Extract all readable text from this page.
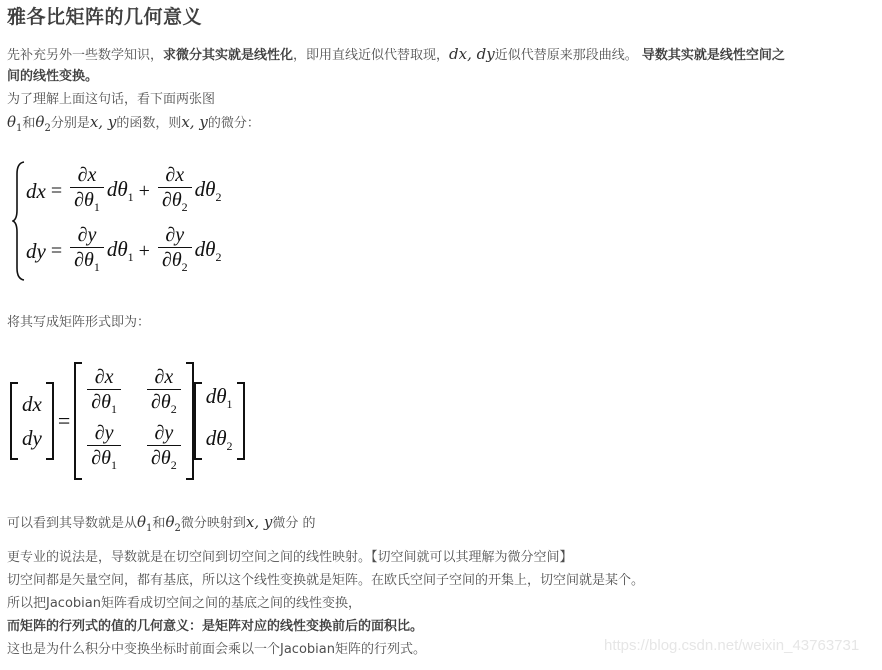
雅各比矩阵的几何意义
先补充另外一些数学知识，求微分其实就是线性化，即用直线近似代替取现，dx, dy近似代替原来那段曲线。 导数其实就是线性空间之
间的线性变换。
为了理解上面这句话，看下面两张图
$\theta_1$和$\theta_2$分别是x, y的函数，则x, y的微分：
dx = $\frac{\partial x}{\partial\theta_1} d\theta_1 + \frac{\partial x}{\partial\theta_2} d\theta_2$
dy = $\frac{\partial y}{\partial\theta_1} d\theta_1 + \frac{\partial y}{\partial\theta_2} d\theta_2$
将其写成矩阵形式即为：
dx
dy
= $\frac{\partial x}{\partial\theta_1} \frac{\partial x}{\partial\theta_2}$
$\frac{\partial y}{\partial\theta_1} \frac{\partial y}{\partial\theta_2}$
$d\theta_1$
$d\theta_2$
可以看到其导数就是从$\theta_1$和$\theta_2$微分映射到x, y微分 的
更专业的说法是，导数就是在切空间到切空间之间的线性映射。【切空间就可以其理解为微分空间】
切空间都是矢量空间，都有基底，所以这个线性变换就是矩阵。在欧氏空间子空间的开集上，切空间就是某个。
所以把Jacobian矩阵看成切空间之间的基底之间的线性变换，
而矩阵的行列式的值的几何意义：是矩阵对应的线性变换前后的面积比。
这也是为什么积分中变换坐标时前面会乘以一个Jacobian矩阵的行列式。	https://blog.csdn.net/weixin_43763731
